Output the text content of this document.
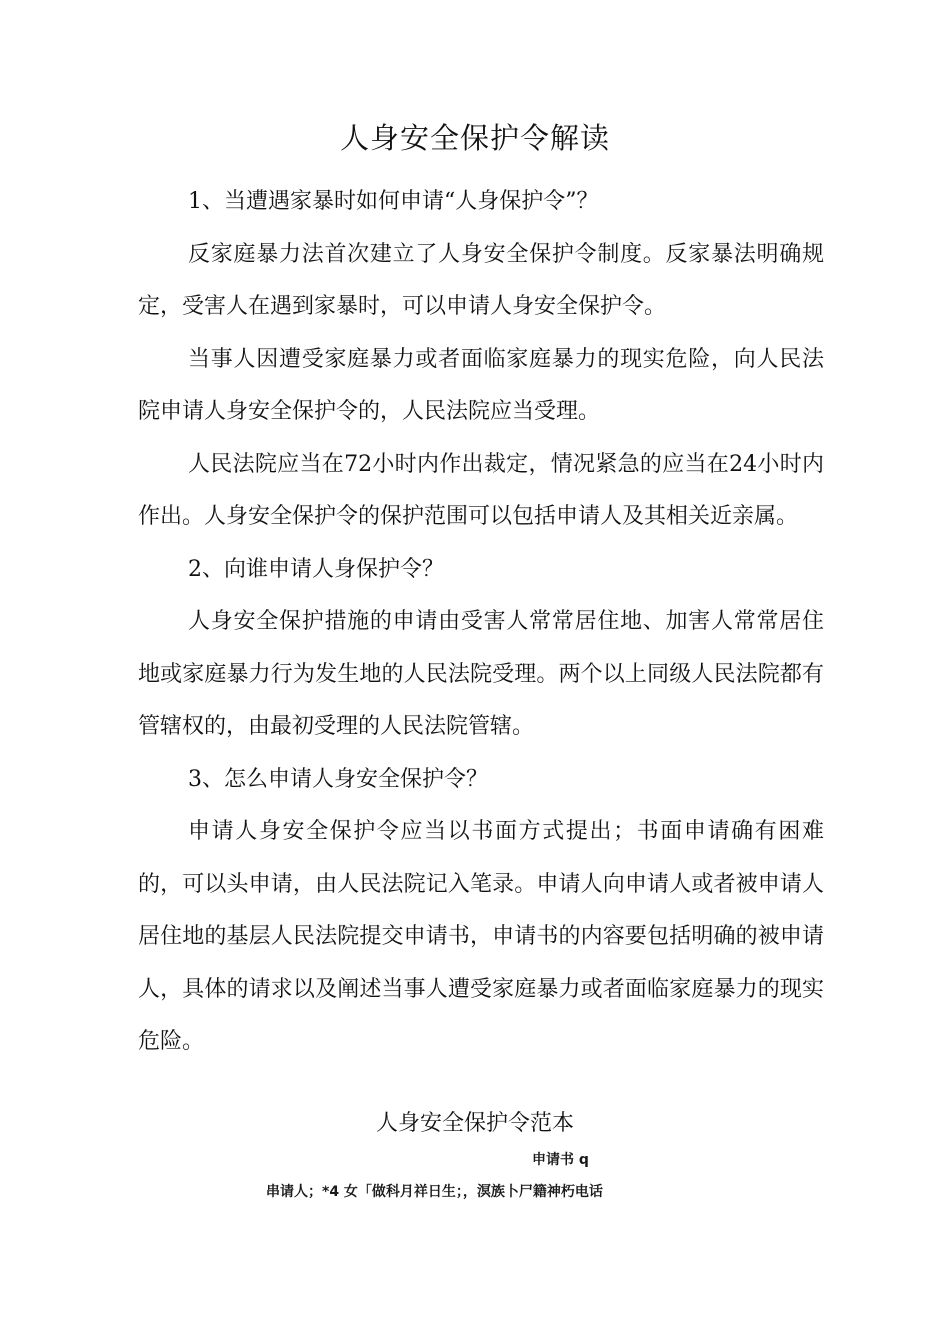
人身安全保护令解读

1、当遭遇家暴时如何申请“人身保护令”？

反家庭暴力法首次建立了人身安全保护令制度。反家暴法明确规定，受害人在遇到家暴时，可以申请人身安全保护令。

当事人因遭受家庭暴力或者面临家庭暴力的现实危险，向人民法院申请人身安全保护令的，人民法院应当受理。

人民法院应当在72小时内作出裁定，情况紧急的应当在24小时内作出。人身安全保护令的保护范围可以包括申请人及其相关近亲属。

2、向谁申请人身保护令？

人身安全保护措施的申请由受害人常常居住地、加害人常常居住地或家庭暴力行为发生地的人民法院受理。两个以上同级人民法院都有管辖权的，由最初受理的人民法院管辖。

3、怎么申请人身安全保护令？

申请人身安全保护令应当以书面方式提出；书面申请确有困难的，可以头申请，由人民法院记入笔录。申请人向申请人或者被申请人居住地的基层人民法院提交申请书，申请书的内容要包括明确的被申请人，具体的请求以及阐述当事人遭受家庭暴力或者面临家庭暴力的现实危险。

人身安全保护令范本
申请书 q
串请人；*4 女「做科月祥日生；，溟族卜尸籍神朽电话
